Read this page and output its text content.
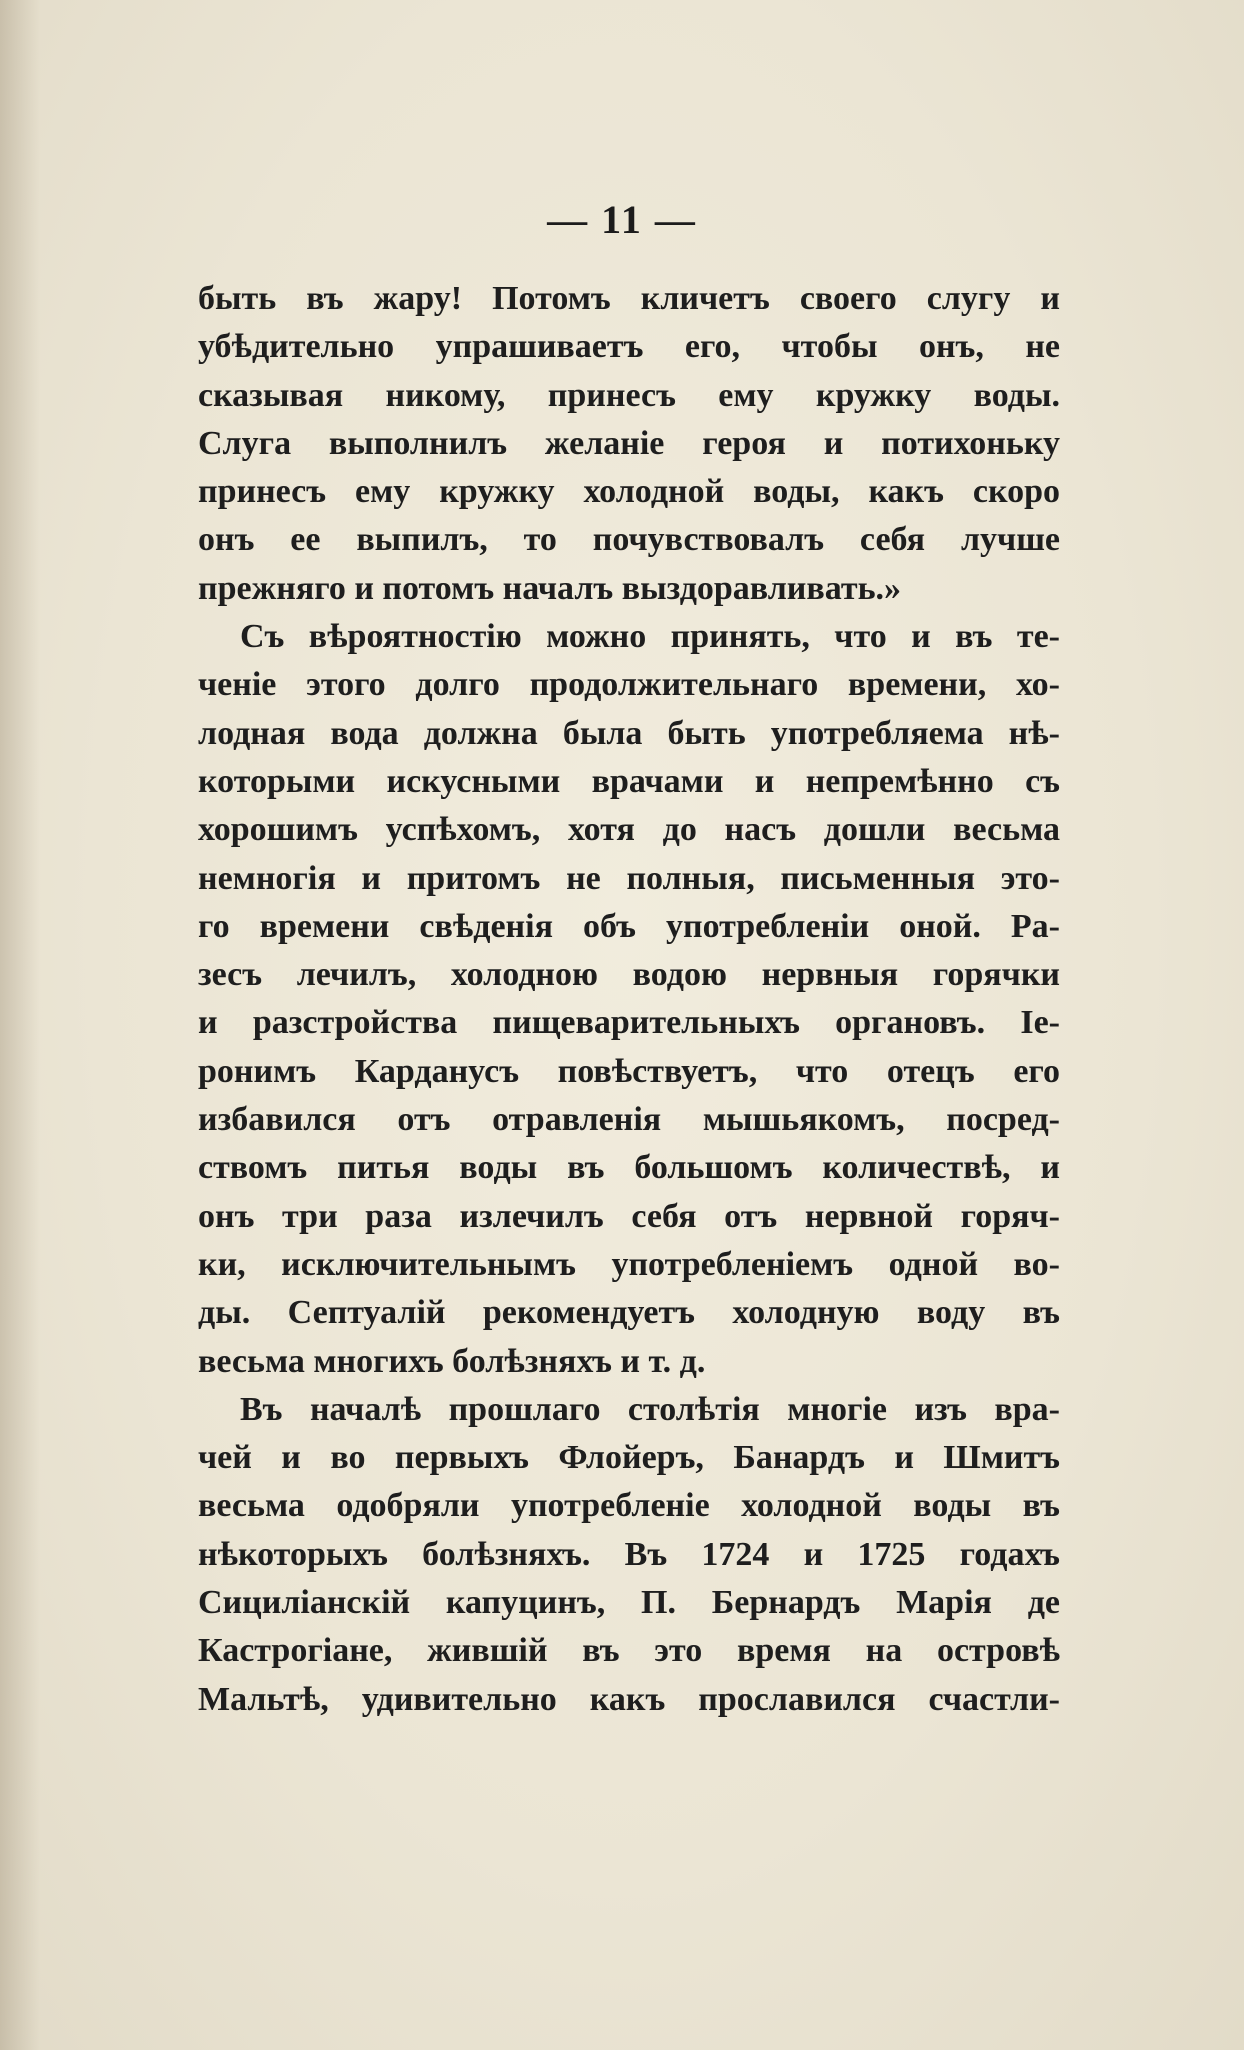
— 11 —
быть въ жару! Потомъ кличетъ своего слугу и
убѣдительно упрашиваетъ его, чтобы онъ, не
сказывая никому, принесъ ему кружку воды.
Слуга выполнилъ желаніе героя и потихоньку
принесъ ему кружку холодной воды, какъ скоро
онъ ее выпилъ, то почувствовалъ себя лучше
прежняго и потомъ началъ выздоравливать.»
Съ вѣроятностію можно принять, что и въ те-
ченіе этого долго продолжительнаго времени, хо-
лодная вода должна была быть употребляема нѣ-
которыми искусными врачами и непремѣнно съ
хорошимъ успѣхомъ, хотя до насъ дошли весьма
немногія и притомъ не полныя, письменныя это-
го времени свѣденія объ употребленіи оной. Ра-
зесъ лечилъ, холодною водою нервныя горячки
и разстройства пищеварительныхъ органовъ. Іе-
ронимъ Карданусъ повѣствуетъ, что отецъ его
избавился отъ отравленія мышьякомъ, посред-
ствомъ питья воды въ большомъ количествѣ, и
онъ три раза излечилъ себя отъ нервной горяч-
ки, исключительнымъ употребленіемъ одной во-
ды. Септуалій рекомендуетъ холодную воду въ
весьма многихъ болѣзняхъ и т. д.
Въ началѣ прошлаго столѣтія многіе изъ вра-
чей и во первыхъ Флойеръ, Банардъ и Шмитъ
весьма одобряли употребленіе холодной воды въ
нѣкоторыхъ болѣзняхъ. Въ 1724 и 1725 годахъ
Сициліанскій капуцинъ, П. Бернардъ Марія де
Кастрогіане, жившій въ это время на островѣ
Мальтѣ, удивительно какъ прославился счастли-
